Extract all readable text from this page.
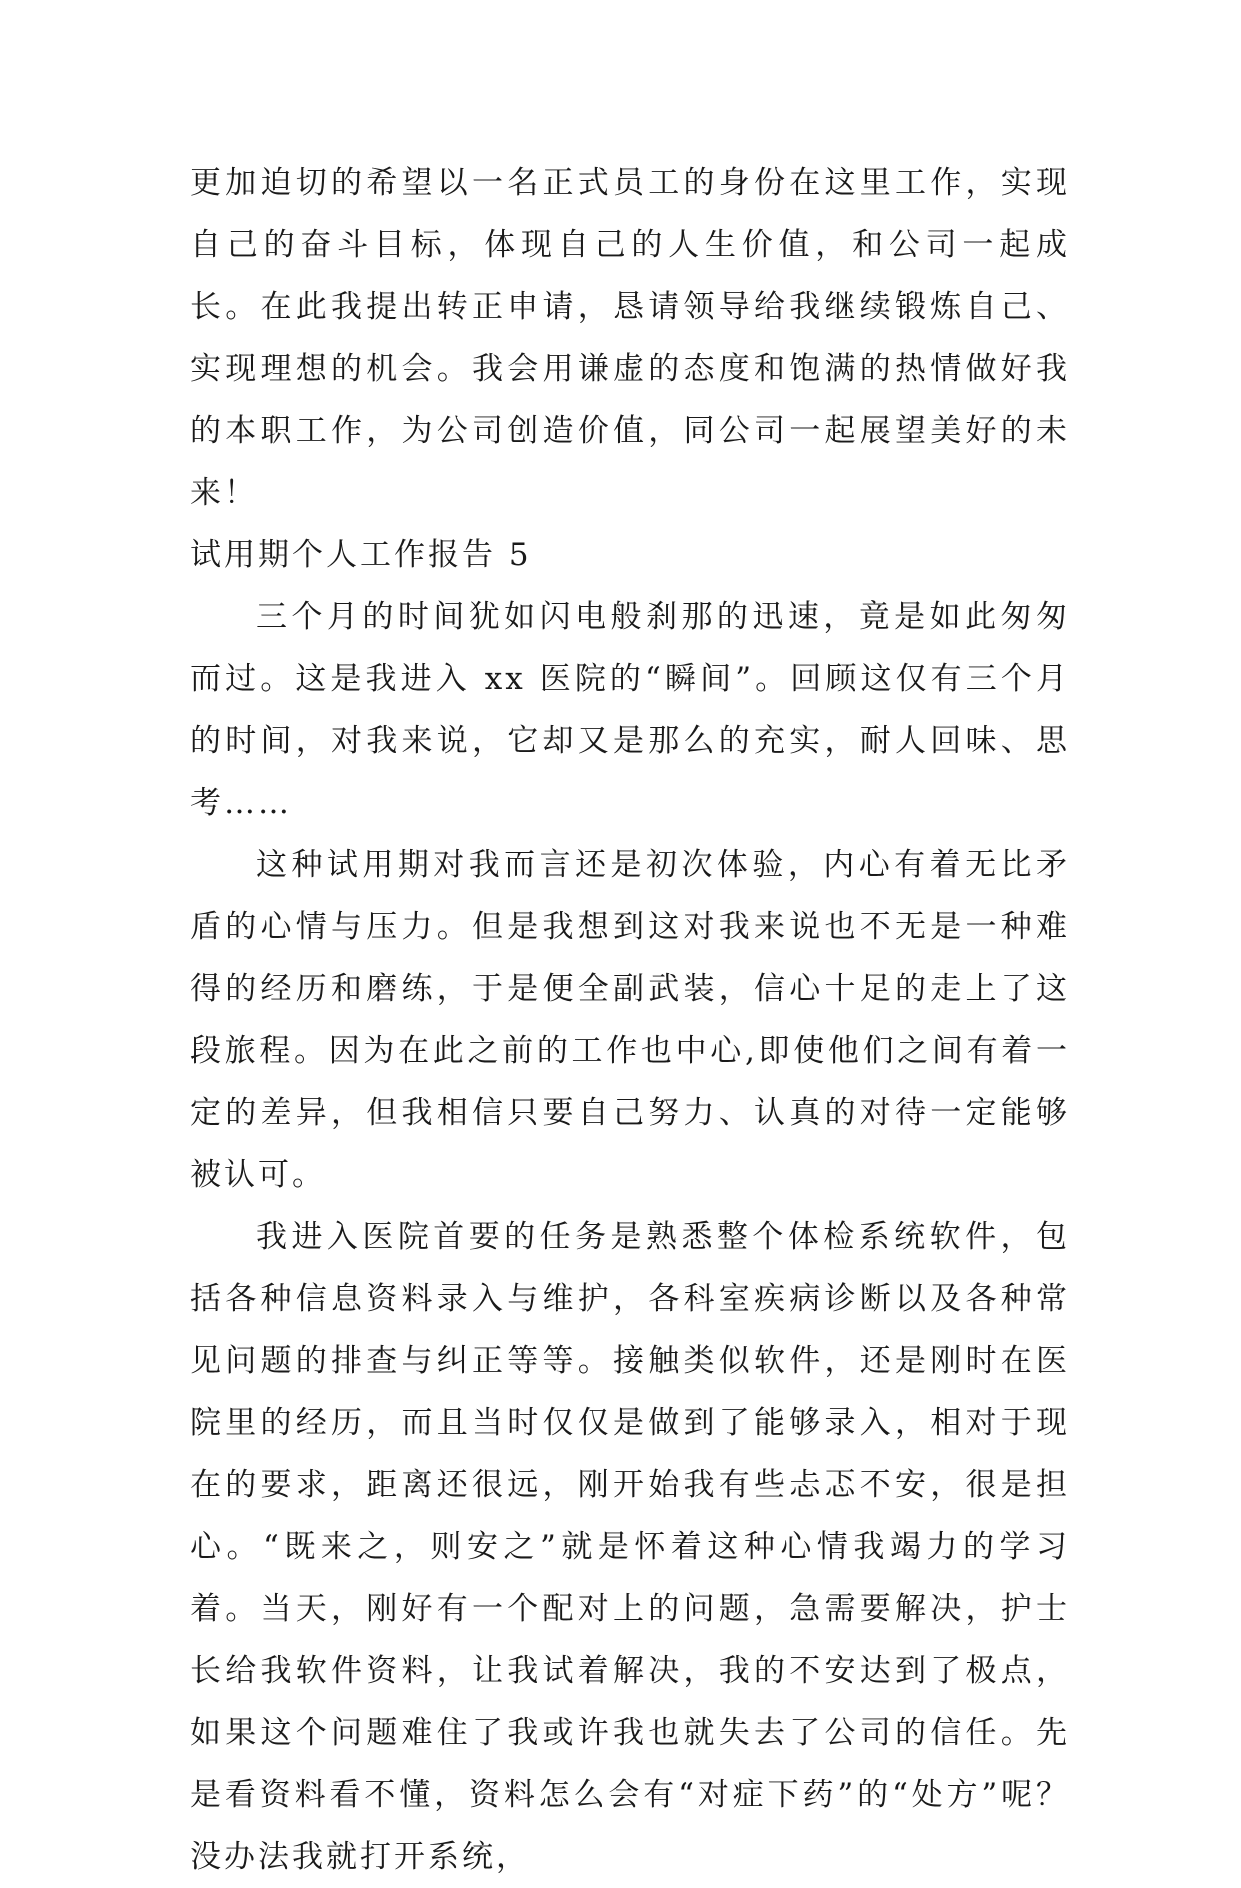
更加迫切的希望以一名正式员工的身份在这里工作，实现自己的奋斗目标，体现自己的人生价值，和公司一起成长。在此我提出转正申请，恳请领导给我继续锻炼自己、实现理想的机会。我会用谦虚的态度和饱满的热情做好我的本职工作，为公司创造价值，同公司一起展望美好的未来！

试用期个人工作报告 5

三个月的时间犹如闪电般刹那的迅速，竟是如此匆匆而过。这是我进入 xx 医院的“瞬间”。回顾这仅有三个月的时间，对我来说，它却又是那么的充实，耐人回味、思考……

这种试用期对我而言还是初次体验，内心有着无比矛盾的心情与压力。但是我想到这对我来说也不无是一种难得的经历和磨练，于是便全副武装，信心十足的走上了这段旅程。因为在此之前的工作也中心,即使他们之间有着一定的差异，但我相信只要自己努力、认真的对待一定能够被认可。

我进入医院首要的任务是熟悉整个体检系统软件，包括各种信息资料录入与维护，各科室疾病诊断以及各种常见问题的排查与纠正等等。接触类似软件，还是刚时在医院里的经历，而且当时仅仅是做到了能够录入，相对于现在的要求，距离还很远，刚开始我有些忐忑不安，很是担心。“既来之，则安之”就是怀着这种心情我竭力的学习着。当天，刚好有一个配对上的问题，急需要解决，护士长给我软件资料，让我试着解决，我的不安达到了极点，如果这个问题难住了我或许我也就失去了公司的信任。先是看资料看不懂，资料怎么会有“对症下药”的“处方”呢？没办法我就打开系统，
